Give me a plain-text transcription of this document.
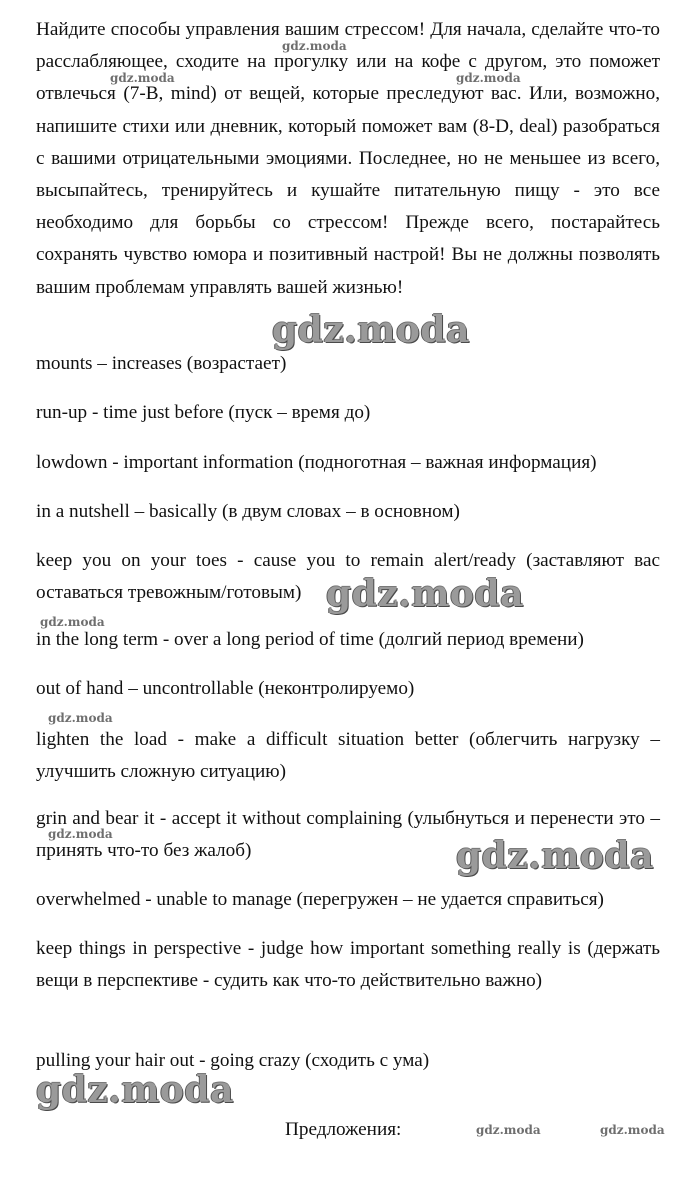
Найдите способы управления вашим стрессом! Для начала, сделайте что-то расслабляющее, сходите на прогулку или на кофе с другом, это поможет отвлечься (7-B, mind) от вещей, которые преследуют вас. Или, возможно, напишите стихи или дневник, который поможет вам (8-D, deal) разобраться с вашими отрицательными эмоциями. Последнее, но не меньшее из всего, высыпайтесь, тренируйтесь и кушайте питательную пищу - это все необходимо для борьбы со стрессом! Прежде всего, постарайтесь сохранять чувство юмора и позитивный настрой! Вы не должны позволять вашим проблемам управлять вашей жизнью!

mounts – increases (возрастает)

run-up - time just before (пуск – время до)

lowdown - important information (подноготная – важная информация)

in a nutshell – basically (в двум словах – в основном)

keep you on your toes - cause you to remain alert/ready (заставляют вас оставаться тревожным/готовым)

in the long term - over a long period of time (долгий период времени)

out of hand – uncontrollable (неконтролируемо)

lighten the load - make a difficult situation better (облегчить нагрузку – улучшить сложную ситуацию)

grin and bear it - accept it without complaining (улыбнуться и перенести это – принять что-то без жалоб)

overwhelmed - unable to manage (перегружен – не удается справиться)

keep things in perspective - judge how important something really is (держать вещи в перспективе - судить как что-то действительно важно)

pulling your hair out - going crazy (сходить с ума)

Предложения:

gdz.moda
gdz.moda	gdz.moda
gdz.moda
gdz.moda
gdz.moda
gdz.moda
gdz.moda
gdz.moda
gdz.moda
gdz.moda	gdz.moda
